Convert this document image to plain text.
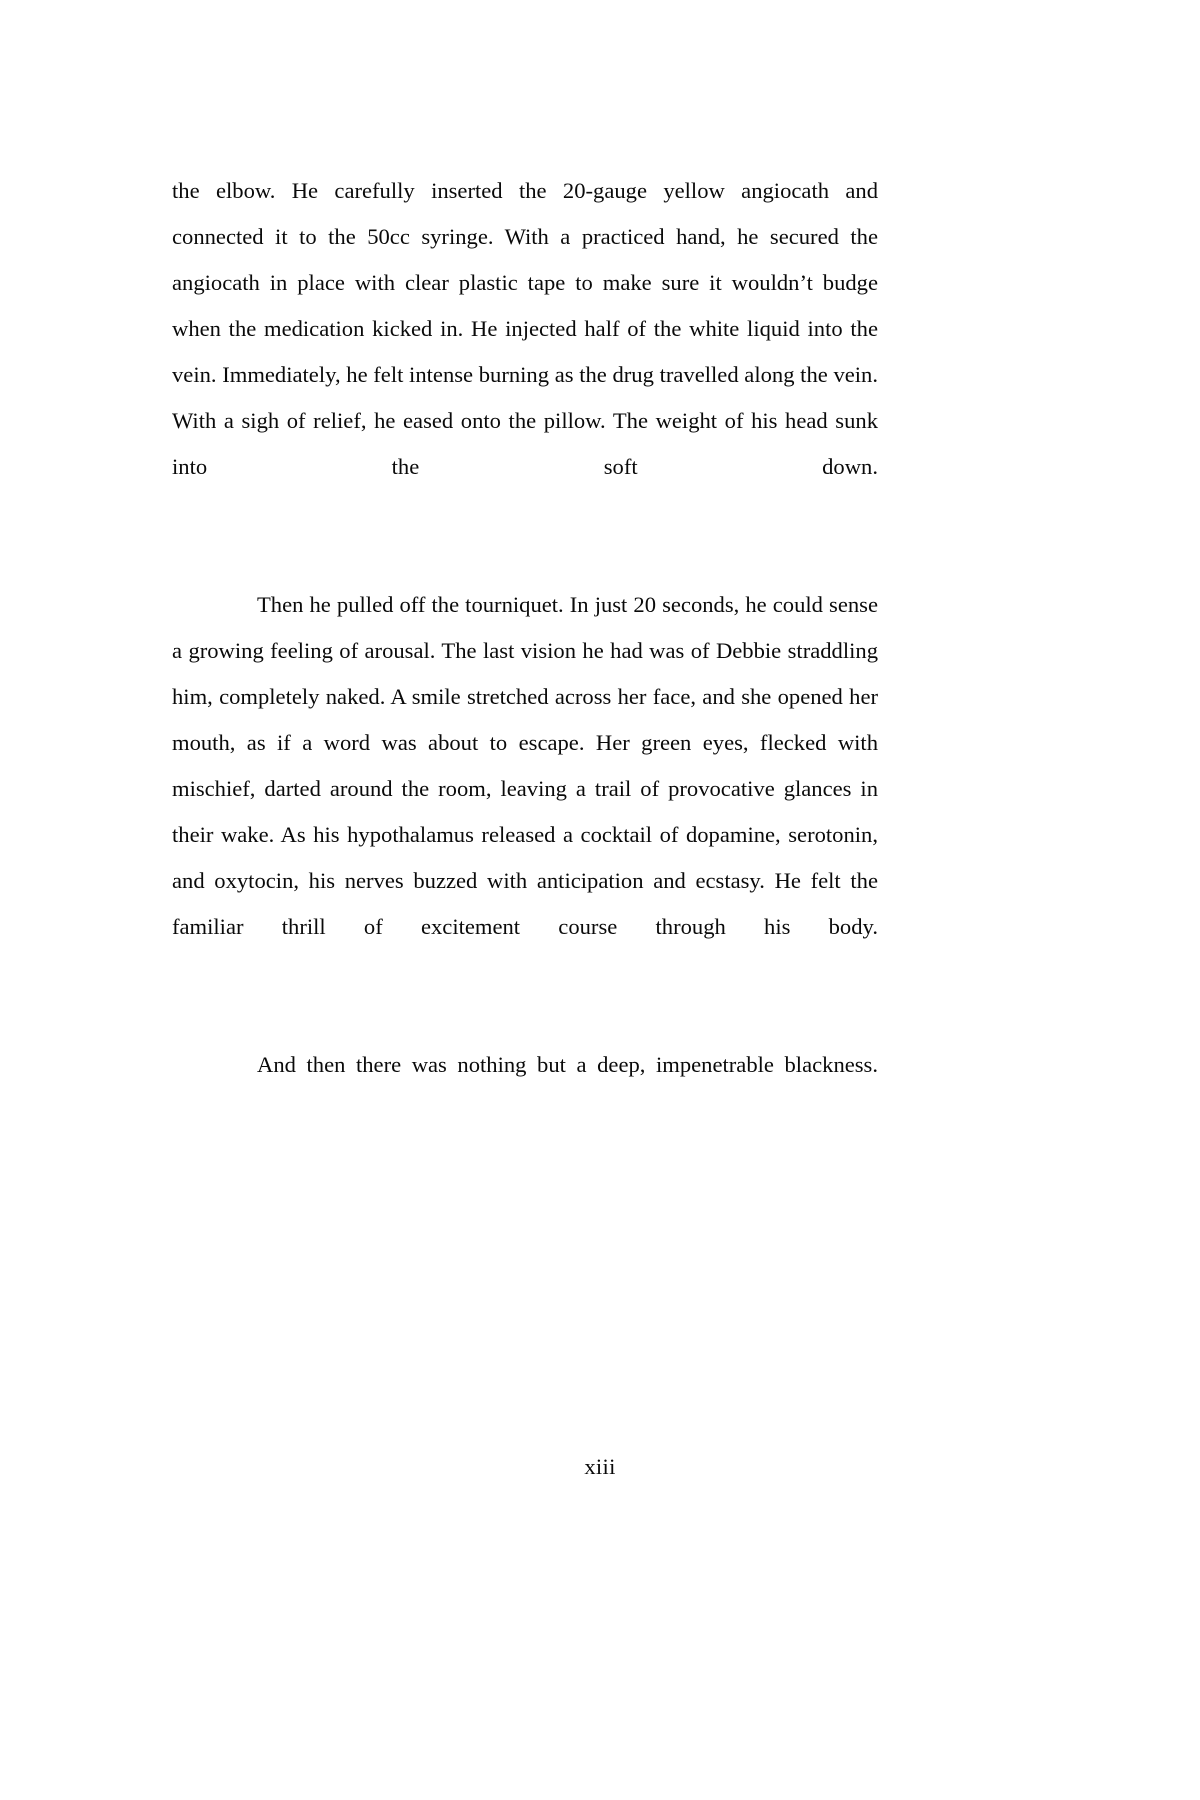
the elbow. He carefully inserted the 20-gauge yellow angiocath and connected it to the 50cc syringe. With a practiced hand, he secured the angiocath in place with clear plastic tape to make sure it wouldn’t budge when the medication kicked in. He injected half of the white liquid into the vein. Immediately, he felt intense burning as the drug travelled along the vein. With a sigh of relief, he eased onto the pillow. The weight of his head sunk into the soft down.

Then he pulled off the tourniquet. In just 20 seconds, he could sense a growing feeling of arousal. The last vision he had was of Debbie straddling him, completely naked. A smile stretched across her face, and she opened her mouth, as if a word was about to escape. Her green eyes, flecked with mischief, darted around the room, leaving a trail of provocative glances in their wake. As his hypothalamus released a cocktail of dopamine, serotonin, and oxytocin, his nerves buzzed with anticipation and ecstasy. He felt the familiar thrill of excitement course through his body.

And then there was nothing but a deep, impenetrable blackness.

xiii
